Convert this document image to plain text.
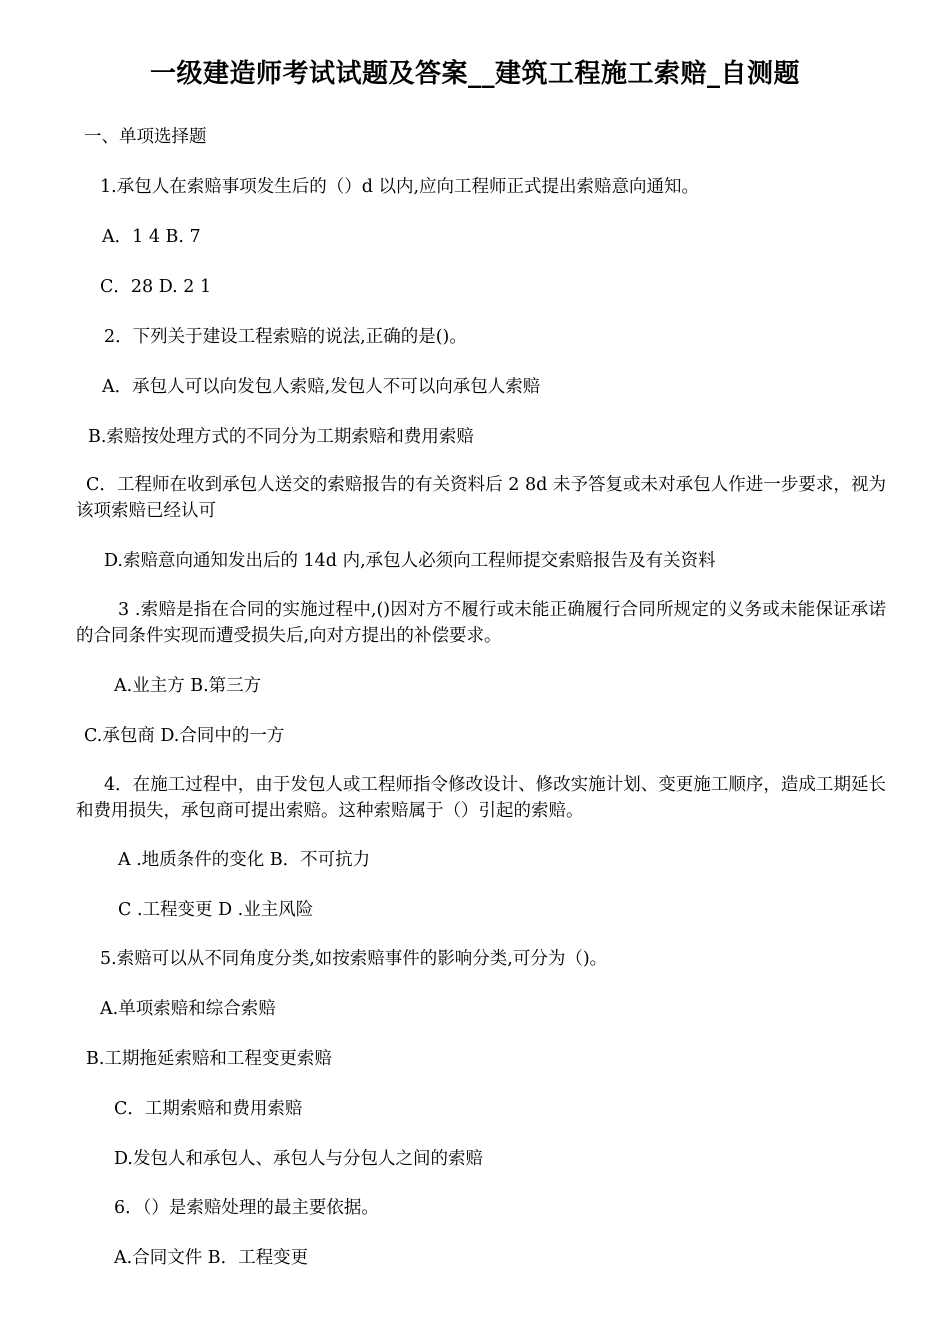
一级建造师考试试题及答案__建筑工程施工索赔_自测题
一、单项选择题
1.承包人在索赔事项发生后的（）d 以内,应向工程师正式提出索赔意向通知。
A．1 4 B. 7
C．28 D. 2 1
2．下列关于建设工程索赔的说法,正确的是()。
A．承包人可以向发包人索赔,发包人不可以向承包人索赔
B.索赔按处理方式的不同分为工期索赔和费用索赔
C．工程师在收到承包人送交的索赔报告的有关资料后 2 8d 未予答复或未对承包人作进一步要求，视为该项索赔已经认可
D.索赔意向通知发出后的 14d 内,承包人必须向工程师提交索赔报告及有关资料
3 .索赔是指在合同的实施过程中,()因对方不履行或未能正确履行合同所规定的义务或未能保证承诺的合同条件实现而遭受损失后,向对方提出的补偿要求。
A.业主方 B.第三方
C.承包商 D.合同中的一方
4．在施工过程中，由于发包人或工程师指令修改设计、修改实施计划、变更施工顺序，造成工期延长和费用损失，承包商可提出索赔。这种索赔属于（）引起的索赔。
A .地质条件的变化 B．不可抗力
C .工程变更 D .业主风险
5.索赔可以从不同角度分类,如按索赔事件的影响分类,可分为（)。
A.单项索赔和综合索赔
B.工期拖延索赔和工程变更索赔
C．工期索赔和费用索赔
D.发包人和承包人、承包人与分包人之间的索赔
6．（）是索赔处理的最主要依据。
A.合同文件 B．工程变更
